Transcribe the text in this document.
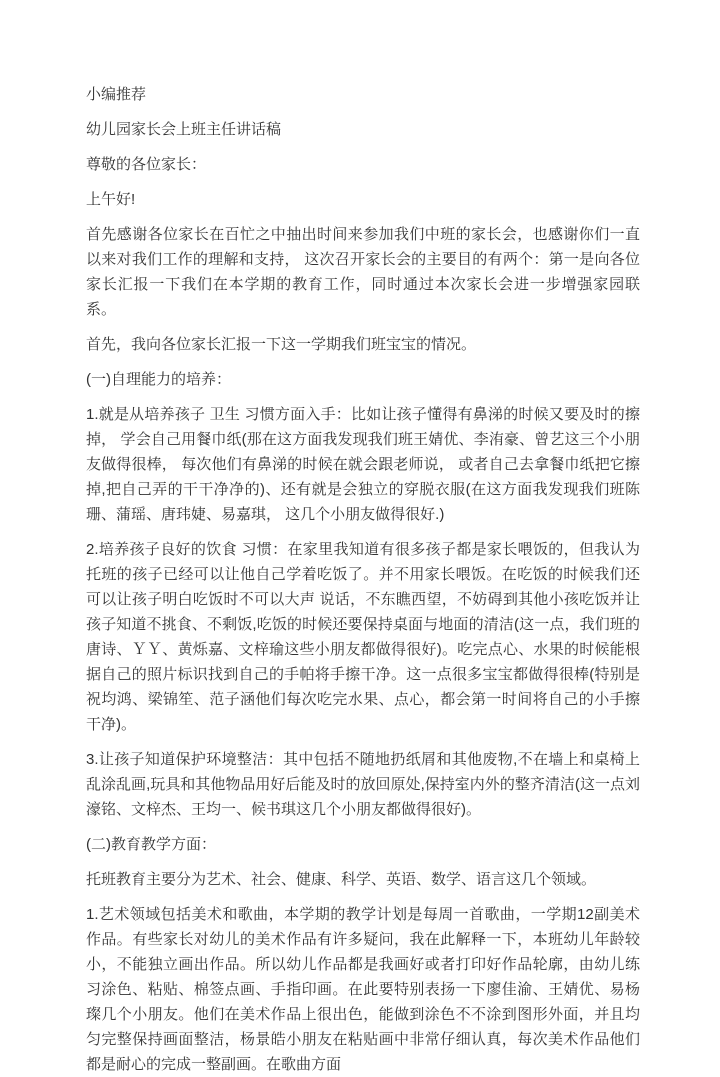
小编推荐

幼儿园家长会上班主任讲话稿

尊敬的各位家长：

上午好!

首先感谢各位家长在百忙之中抽出时间来参加我们中班的家长会，也感谢你们一直以来对我们工作的理解和支持， 这次召开家长会的主要目的有两个：第一是向各位家长汇报一下我们在本学期的教育工作，同时通过本次家长会进一步增强家园联系。

首先，我向各位家长汇报一下这一学期我们班宝宝的情况。

(一)自理能力的培养：

1.就是从培养孩子 卫生 习惯方面入手：比如让孩子懂得有鼻涕的时候又要及时的擦掉， 学会自己用餐巾纸(那在这方面我发现我们班王婧优、李洧豪、曾艺这三个小朋友做得很棒， 每次他们有鼻涕的时候在就会跟老师说， 或者自己去拿餐巾纸把它擦掉,把自己弄的干干净净的)、还有就是会独立的穿脱衣服(在这方面我发现我们班陈珊、蒲瑶、唐玮婕、易嘉琪， 这几个小朋友做得很好.)

2.培养孩子良好的饮食 习惯：在家里我知道有很多孩子都是家长喂饭的，但我认为托班的孩子已经可以让他自己学着吃饭了。并不用家长喂饭。在吃饭的时候我们还可以让孩子明白吃饭时不可以大声 说话，不东瞧西望，不妨碍到其他小孩吃饭并让孩子知道不挑食、不剩饭,吃饭的时候还要保持桌面与地面的清洁(这一点，我们班的唐诗、ＹＹ、黄烁嘉、文梓瑜这些小朋友都做得很好)。吃完点心、水果的时候能根据自己的照片标识找到自己的手帕将手擦干净。这一点很多宝宝都做得很棒(特别是祝均鸿、梁锦笙、范子涵他们每次吃完水果、点心，都会第一时间将自己的小手擦干净)。

3.让孩子知道保护环境整洁：其中包括不随地扔纸屑和其他废物,不在墙上和桌椅上乱涂乱画,玩具和其他物品用好后能及时的放回原处,保持室内外的整齐清洁(这一点刘濠铭、文梓杰、王均一、候书琪这几个小朋友都做得很好)。

(二)教育教学方面：

托班教育主要分为艺术、社会、健康、科学、英语、数学、语言这几个领域。

1.艺术领域包括美术和歌曲，本学期的教学计划是每周一首歌曲，一学期12副美术作品。有些家长对幼儿的美术作品有许多疑问，我在此解释一下，本班幼儿年龄较小，不能独立画出作品。所以幼儿作品都是我画好或者打印好作品轮廓，由幼儿练习涂色、粘贴、棉签点画、手指印画。在此要特别表扬一下廖佳渝、王婧优、易杨璨几个小朋友。他们在美术作品上很出色，能做到涂色不不涂到图形外面，并且均匀完整保持画面整洁，杨景皓小朋友在粘贴画中非常仔细认真，每次美术作品他们都是耐心的完成一整副画。在歌曲方面
